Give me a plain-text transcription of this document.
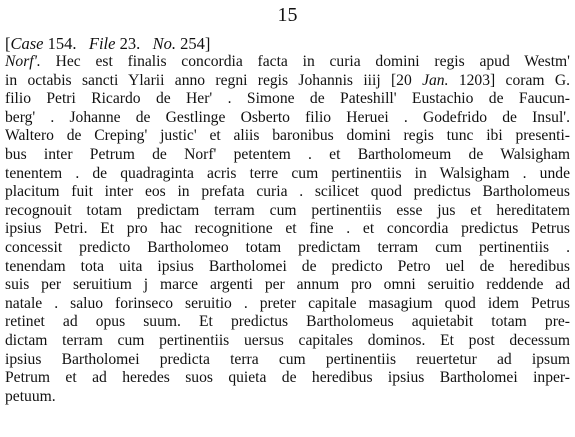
15
[Case 154. File 23. No. 254]
Norf'. Hec est finalis concordia facta in curia domini regis apud Westm'
in octabis sancti Ylarii anno regni regis Johannis iiij [20 Jan. 1203] coram G.
filio Petri Ricardo de Her' . Simone de Pateshill' Eustachio de Faucun-
berg' . Johanne de Gestlinge Osberto filio Heruei . Godefrido de Insul'.
Waltero de Creping' justic' et aliis baronibus domini regis tunc ibi presenti-
bus inter Petrum de Norf' petentem . et Bartholomeum de Walsigham
tenentem . de quadraginta acris terre cum pertinentiis in Walsigham . unde
placitum fuit inter eos in prefata curia . scilicet quod predictus Bartholomeus
recognouit totam predictam terram cum pertinentiis esse jus et hereditatem
ipsius Petri. Et pro hac recognitione et fine . et concordia predictus Petrus
concessit predicto Bartholomeo totam predictam terram cum pertinentiis .
tenendam tota uita ipsius Bartholomei de predicto Petro uel de heredibus
suis per seruitium j marce argenti per annum pro omni seruitio reddende ad
natale . saluo forinseco seruitio . preter capitale masagium quod idem Petrus
retinet ad opus suum. Et predictus Bartholomeus aquietabit totam pre-
dictam terram cum pertinentiis uersus capitales dominos. Et post decessum
ipsius Bartholomei predicta terra cum pertinentiis reuertetur ad ipsum
Petrum et ad heredes suos quieta de heredibus ipsius Bartholomei inper-
petuum.
